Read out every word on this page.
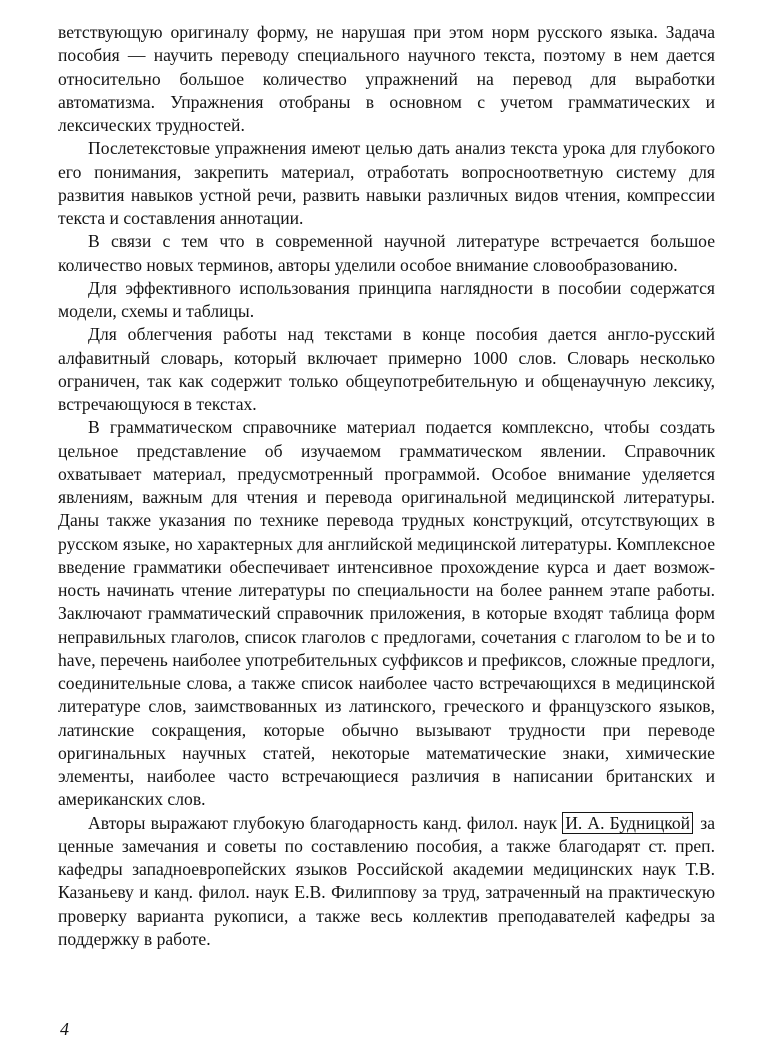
ветствующую оригиналу форму, не нарушая при этом норм русского языка. Задача пособия — научить переводу специального научного текста, поэтому в нем дается относительно большое количество упражнений на перевод для выработки автоматизма. Упражнения отобраны в основном с учетом грамматических и лексических трудностей.

Послетекстовые упражнения имеют целью дать анализ текста урока для глубокого его понимания, закрепить материал, отработать вопросноответную систему для развития навыков устной речи, развить навыки различных видов чтения, компрессии текста и составления аннотации.

В связи с тем что в современной научной литературе встречается большое количество новых терминов, авторы уделили особое внимание словообразованию.

Для эффективного использования принципа наглядности в пособии содержатся модели, схемы и таблицы.

Для облегчения работы над текстами в конце пособия дается англо-русский алфавитный словарь, который включает примерно 1000 слов. Словарь несколько ограничен, так как содержит только общеупотребительную и общенаучную лексику, встречающуюся в текстах.

В грамматическом справочнике материал подается комплексно, чтобы создать цельное представление об изучаемом грамматическом явлении. Справочник охватывает материал, предусмотренный программой. Особое внимание уделяется явлениям, важным для чтения и перевода оригинальной медицинской литературы. Даны также указания по технике перевода трудных конструкций, отсутствующих в русском языке, но характерных для английской медицинской литературы. Комплексное введение грамматики обеспечивает интенсивное прохождение курса и дает возможность начинать чтение литературы по специальности на более раннем этапе работы. Заключают грамматический справочник приложения, в которые входят таблица форм неправильных глаголов, список глаголов с предлогами, сочетания с глаголом to be и to have, перечень наиболее употребительных суффиксов и префиксов, сложные предлоги, соединительные слова, а также список наиболее часто встречающихся в медицинской литературе слов, заимствованных из латинского, греческого и французского языков, латинские сокращения, которые обычно вызывают трудности при переводе оригинальных научных статей, некоторые математические знаки, химические элементы, наиболее часто встречающиеся различия в написании британских и американских слов.

Авторы выражают глубокую благодарность канд. филол. наук И. А. Будницкой за ценные замечания и советы по составлению пособия, а также благодарят ст. преп. кафедры западноевропейских языков Российской академии медицинских наук Т.В. Казаньеву и канд. филол. наук Е.В. Филиппову за труд, затраченный на практическую проверку варианта рукописи, а также весь коллектив преподавателей кафедры за поддержку в работе.

4
